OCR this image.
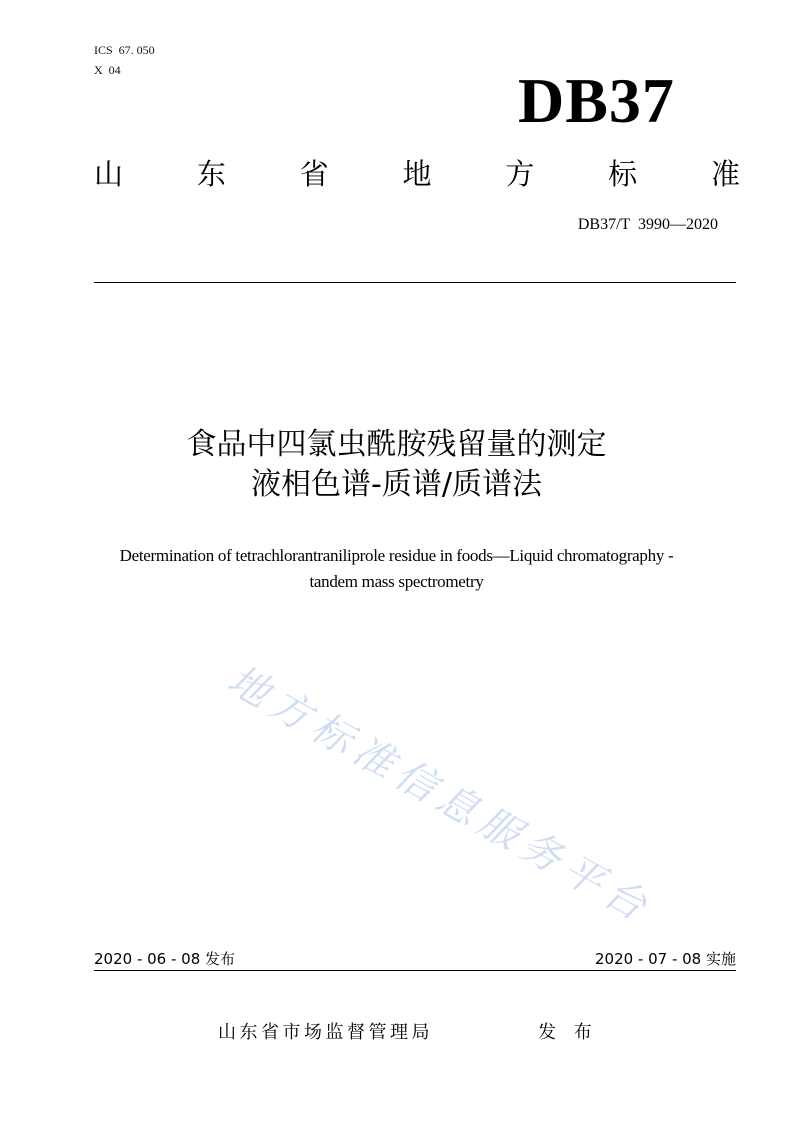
ICS  67. 050
X  04	DB37
山	东	省	地	方	标	准
DB37/T  3990—2020
食品中四氯虫酰胺残留量的测定
液相色谱-质谱/质谱法
Determination of tetrachlorantraniliprole residue in foods—Liquid chromatography -
tandem mass spectrometry
地方标准信息服务平台
2020 - 06 - 08 发布	2020 - 07 - 08 实施
山东省市场监督管理局	发 布
